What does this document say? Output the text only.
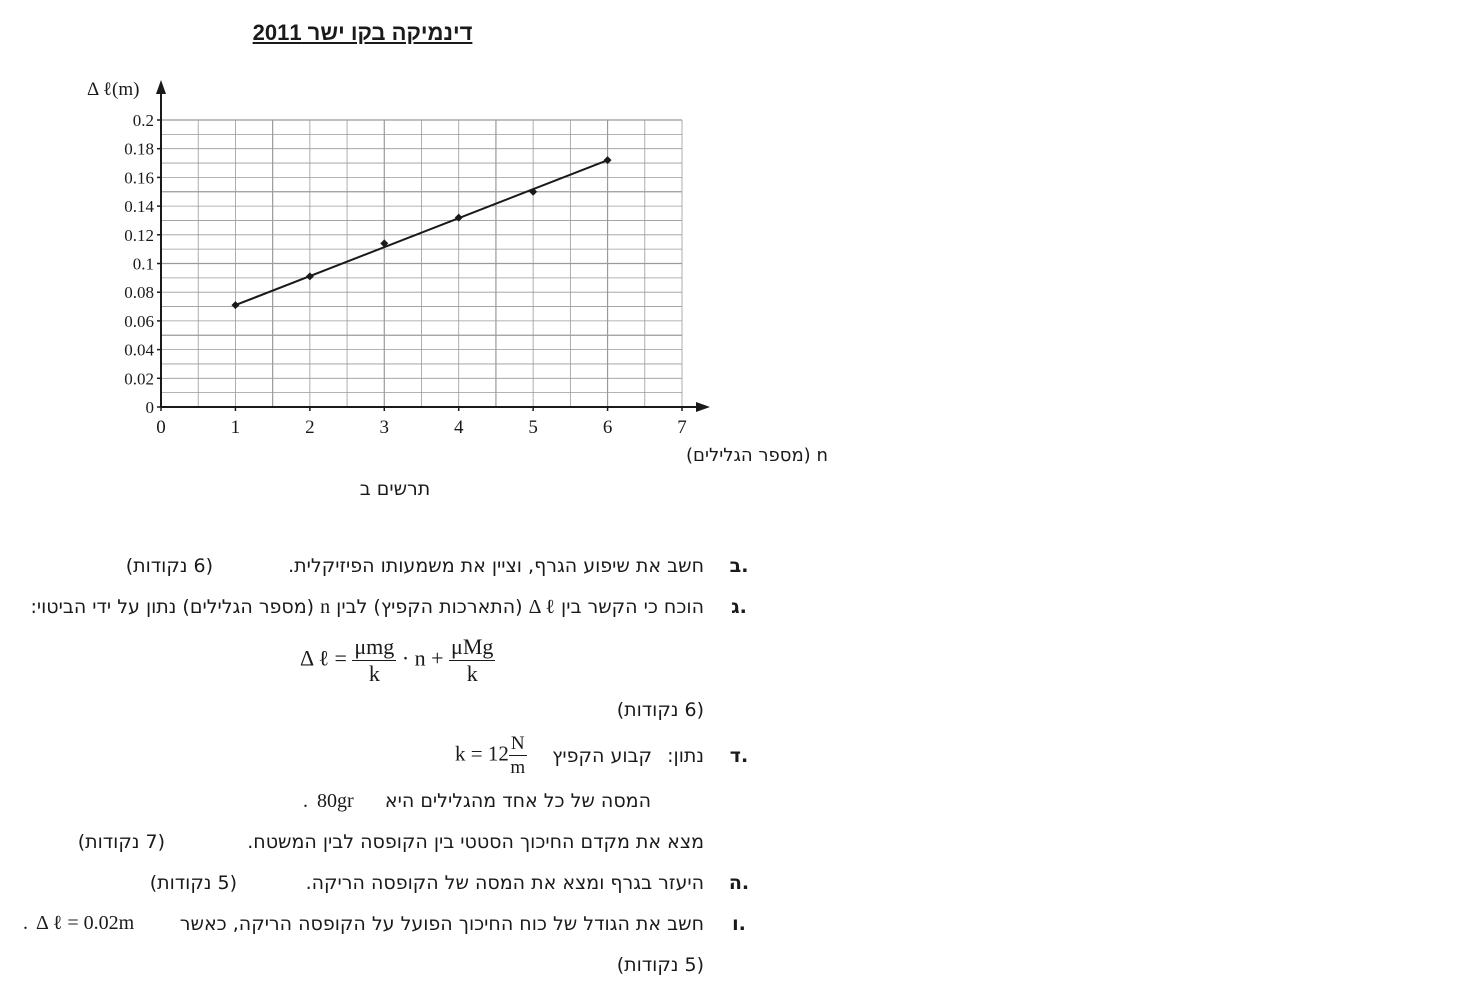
דינמיקה בקו ישר 2011
0	1	2	3	4	5	6	7
0
0.02
0.04
0.06
0.08
0.1
0.12
0.14
0.16
0.18
0.2
Δ ℓ(m)
n (מספר הגלילים)
תרשים ב
ב.
חשב את שיפוע הגרף, וציין את משמעותו הפיזיקלית.
(6 נקודות)
ג.
הוכח כי הקשר בין Δ ℓ (התארכות הקפיץ) לבין n (מספר הגלילים) נתון על ידי הביטוי:
Δ ℓ = $\frac{\text{μmg}}{k} \cdot n + \frac{\text{μMg}}{k}$
(6 נקודות)
ד.
נתון:
קבוע הקפיץ
$k = 12 \frac{N}{m}$
המסה של כל אחד מהגלילים היא
80gr
.
מצא את מקדם החיכוך הסטטי בין הקופסה לבין המשטח.
(7 נקודות)
ה.
היעזר בגרף ומצא את המסה של הקופסה הריקה.
(5 נקודות)
ו.
חשב את הגודל של כוח החיכוך הפועל על הקופסה הריקה, כאשר
Δ ℓ = 0.02m
.
(5 נקודות)
